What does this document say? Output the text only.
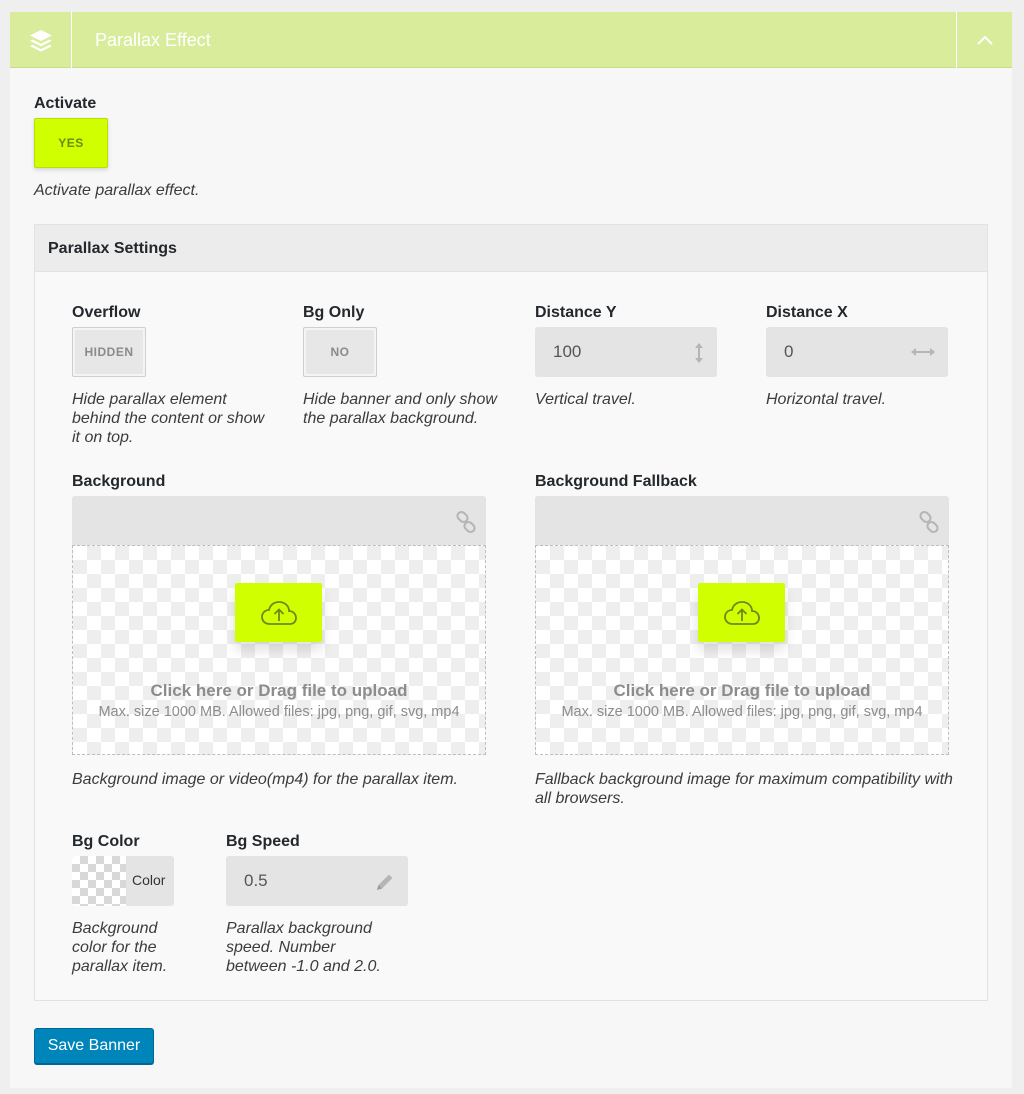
Parallax Effect
Activate
YES
Activate parallax effect.
Parallax Settings
Overflow
HIDDEN
Hide parallax element behind the content or show it on top.
Bg Only
NO
Hide banner and only show the parallax background.
Distance Y
100
Vertical travel.
Distance X
0
Horizontal travel.
Background
Click here or Drag file to upload
Max. size 1000 MB. Allowed files: jpg, png, gif, svg, mp4
Background image or video(mp4) for the parallax item.
Background Fallback
Click here or Drag file to upload
Max. size 1000 MB. Allowed files: jpg, png, gif, svg, mp4
Fallback background image for maximum compatibility with all browsers.
Bg Color
Background color for the parallax item.
Bg Speed
0.5
Parallax background speed. Number between -1.0 and 2.0.
Color
Save Banner
